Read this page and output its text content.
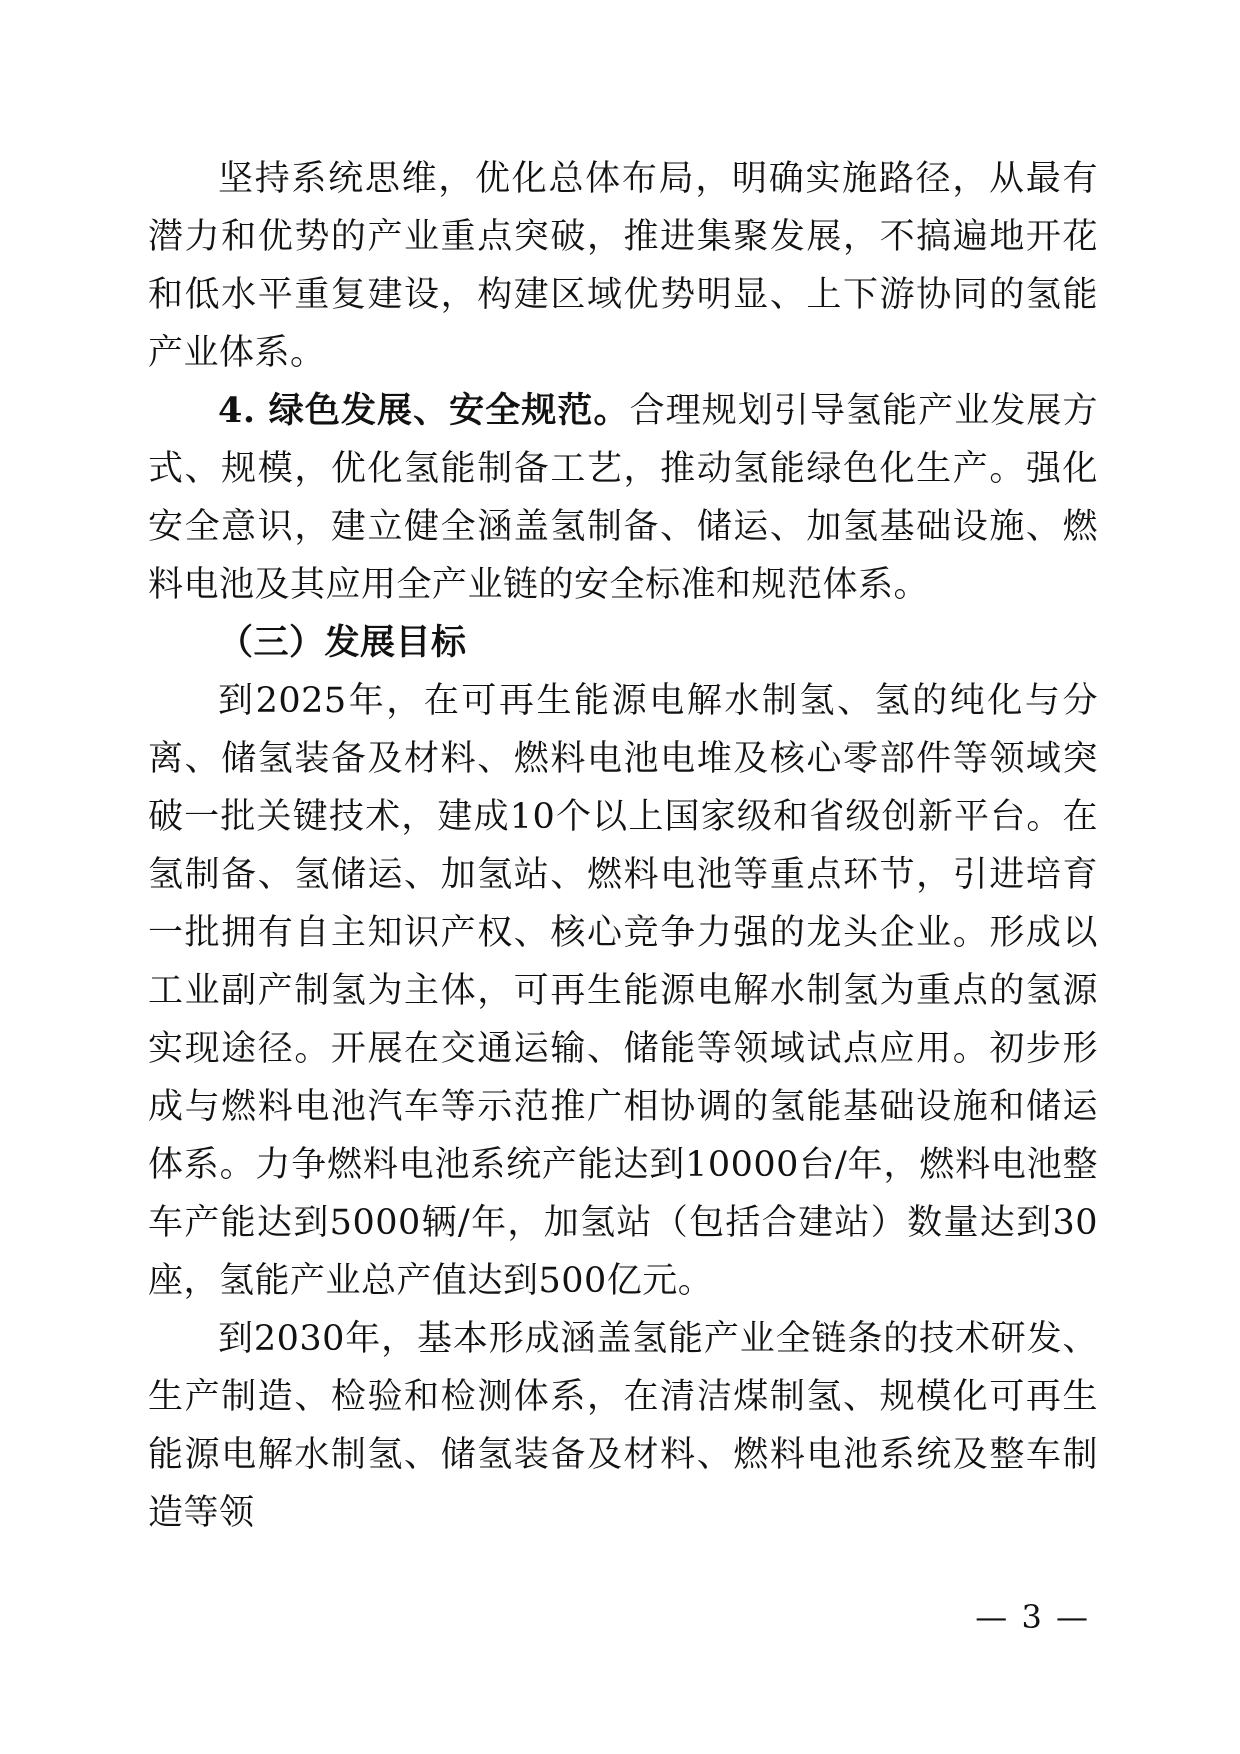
坚持系统思维，优化总体布局，明确实施路径，从最有潜力和优势的产业重点突破，推进集聚发展，不搞遍地开花和低水平重复建设，构建区域优势明显、上下游协同的氢能产业体系。

4. 绿色发展、安全规范。合理规划引导氢能产业发展方式、规模，优化氢能制备工艺，推动氢能绿色化生产。强化安全意识，建立健全涵盖氢制备、储运、加氢基础设施、燃料电池及其应用全产业链的安全标准和规范体系。

（三）发展目标

到2025年，在可再生能源电解水制氢、氢的纯化与分离、储氢装备及材料、燃料电池电堆及核心零部件等领域突破一批关键技术，建成10个以上国家级和省级创新平台。在氢制备、氢储运、加氢站、燃料电池等重点环节，引进培育一批拥有自主知识产权、核心竞争力强的龙头企业。形成以工业副产制氢为主体，可再生能源电解水制氢为重点的氢源实现途径。开展在交通运输、储能等领域试点应用。初步形成与燃料电池汽车等示范推广相协调的氢能基础设施和储运体系。力争燃料电池系统产能达到10000台/年，燃料电池整车产能达到5000辆/年，加氢站（包括合建站）数量达到30座，氢能产业总产值达到500亿元。

到2030年，基本形成涵盖氢能产业全链条的技术研发、生产制造、检验和检测体系，在清洁煤制氢、规模化可再生能源电解水制氢、储氢装备及材料、燃料电池系统及整车制造等领

— 3 —
